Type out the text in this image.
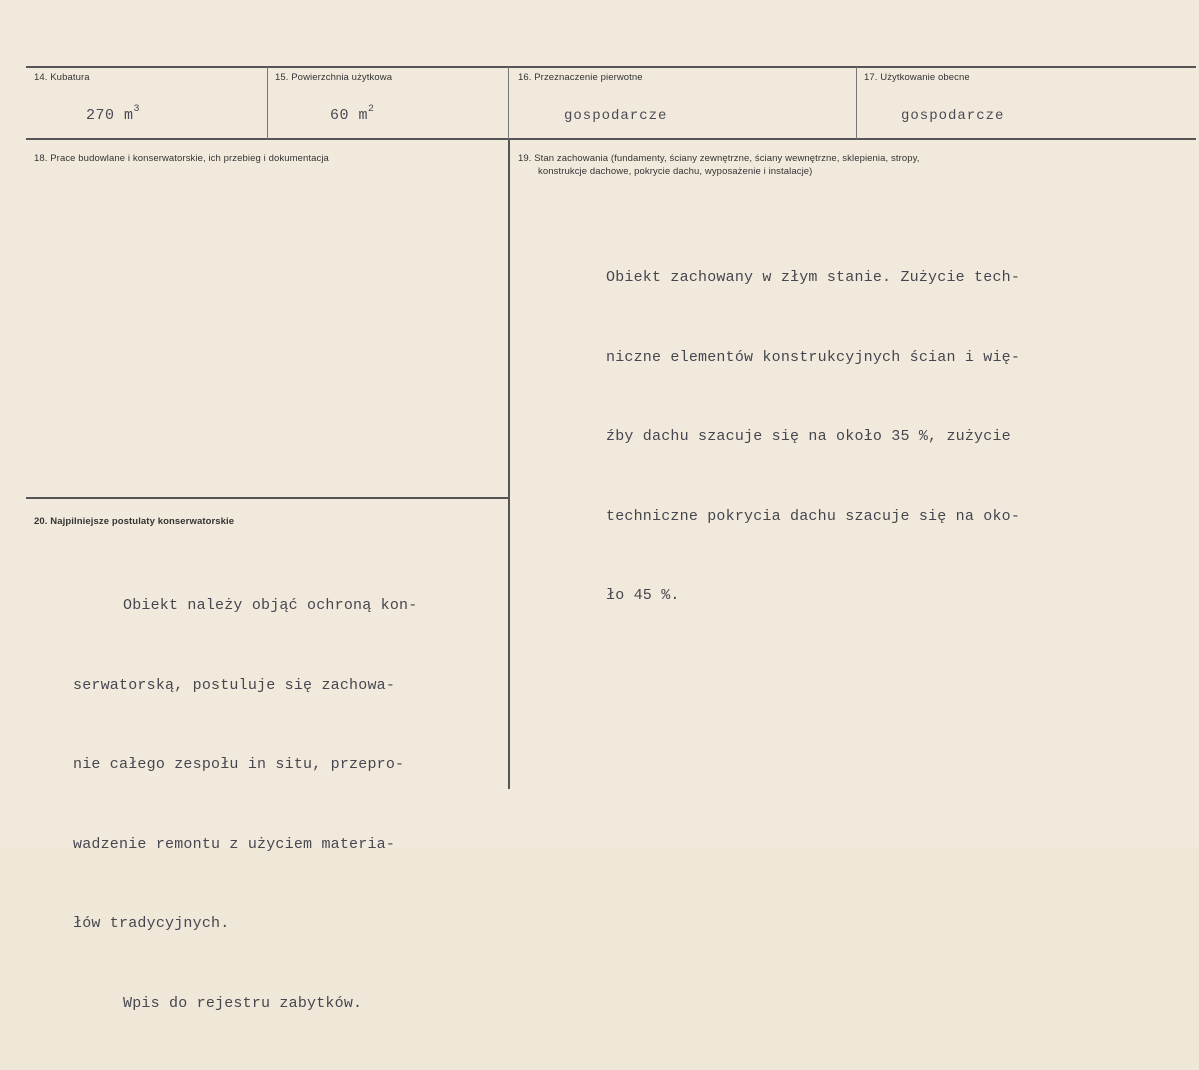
14. Kubatura
270 $m^3$
15. Powierzchnia użytkowa
60 $m^2$
16. Przeznaczenie pierwotne
gospodarcze
17. Użytkowanie obecne
gospodarcze
18. Prace budowlane i konserwatorskie, ich przebieg i dokumentacja	19. Stan zachowania (fundamenty, ściany zewnętrzne, ściany wewnętrzne, sklepienia, stropy,
konstrukcje dachowe, pokrycie dachu, wyposażenie i instalacje)

Obiekt zachowany w złym stanie. Zużycie tech-

niczne elementów konstrukcyjnych ścian i wię-

źby dachu szacuje się na około 35 %, zużycie

techniczne pokrycia dachu szacuje się na oko-

ło 45 %.

20. Najpilniejsze postulaty konserwatorskie

Obiekt należy objąć ochroną kon-

serwatorską, postuluje się zachowa-

nie całego zespołu in situ, przepro-

wadzenie remontu z użyciem materia-

łów tradycyjnych.

Wpis do rejestru zabytków.
